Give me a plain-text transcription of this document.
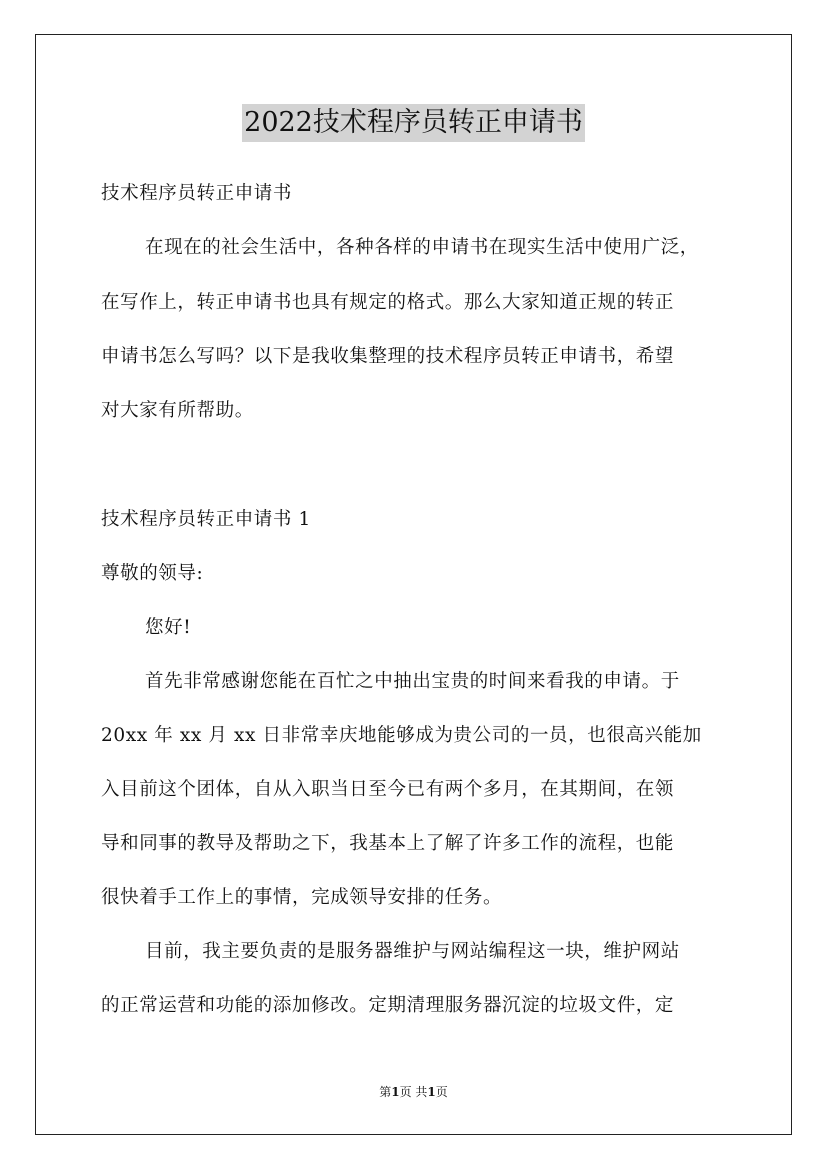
2022技术程序员转正申请书
技术程序员转正申请书
在现在的社会生活中，各种各样的申请书在现实生活中使用广泛，
在写作上，转正申请书也具有规定的格式。那么大家知道正规的转正
申请书怎么写吗？以下是我收集整理的技术程序员转正申请书，希望
对大家有所帮助。
技术程序员转正申请书 1
尊敬的领导:
您好!
首先非常感谢您能在百忙之中抽出宝贵的时间来看我的申请。于
20xx 年 xx 月 xx 日非常幸庆地能够成为贵公司的一员，也很高兴能加
入目前这个团体，自从入职当日至今已有两个多月，在其期间，在领
导和同事的教导及帮助之下，我基本上了解了许多工作的流程，也能
很快着手工作上的事情，完成领导安排的任务。
目前，我主要负责的是服务器维护与网站编程这一块，维护网站
的正常运营和功能的添加修改。定期清理服务器沉淀的垃圾文件，定
第1页 共1页
